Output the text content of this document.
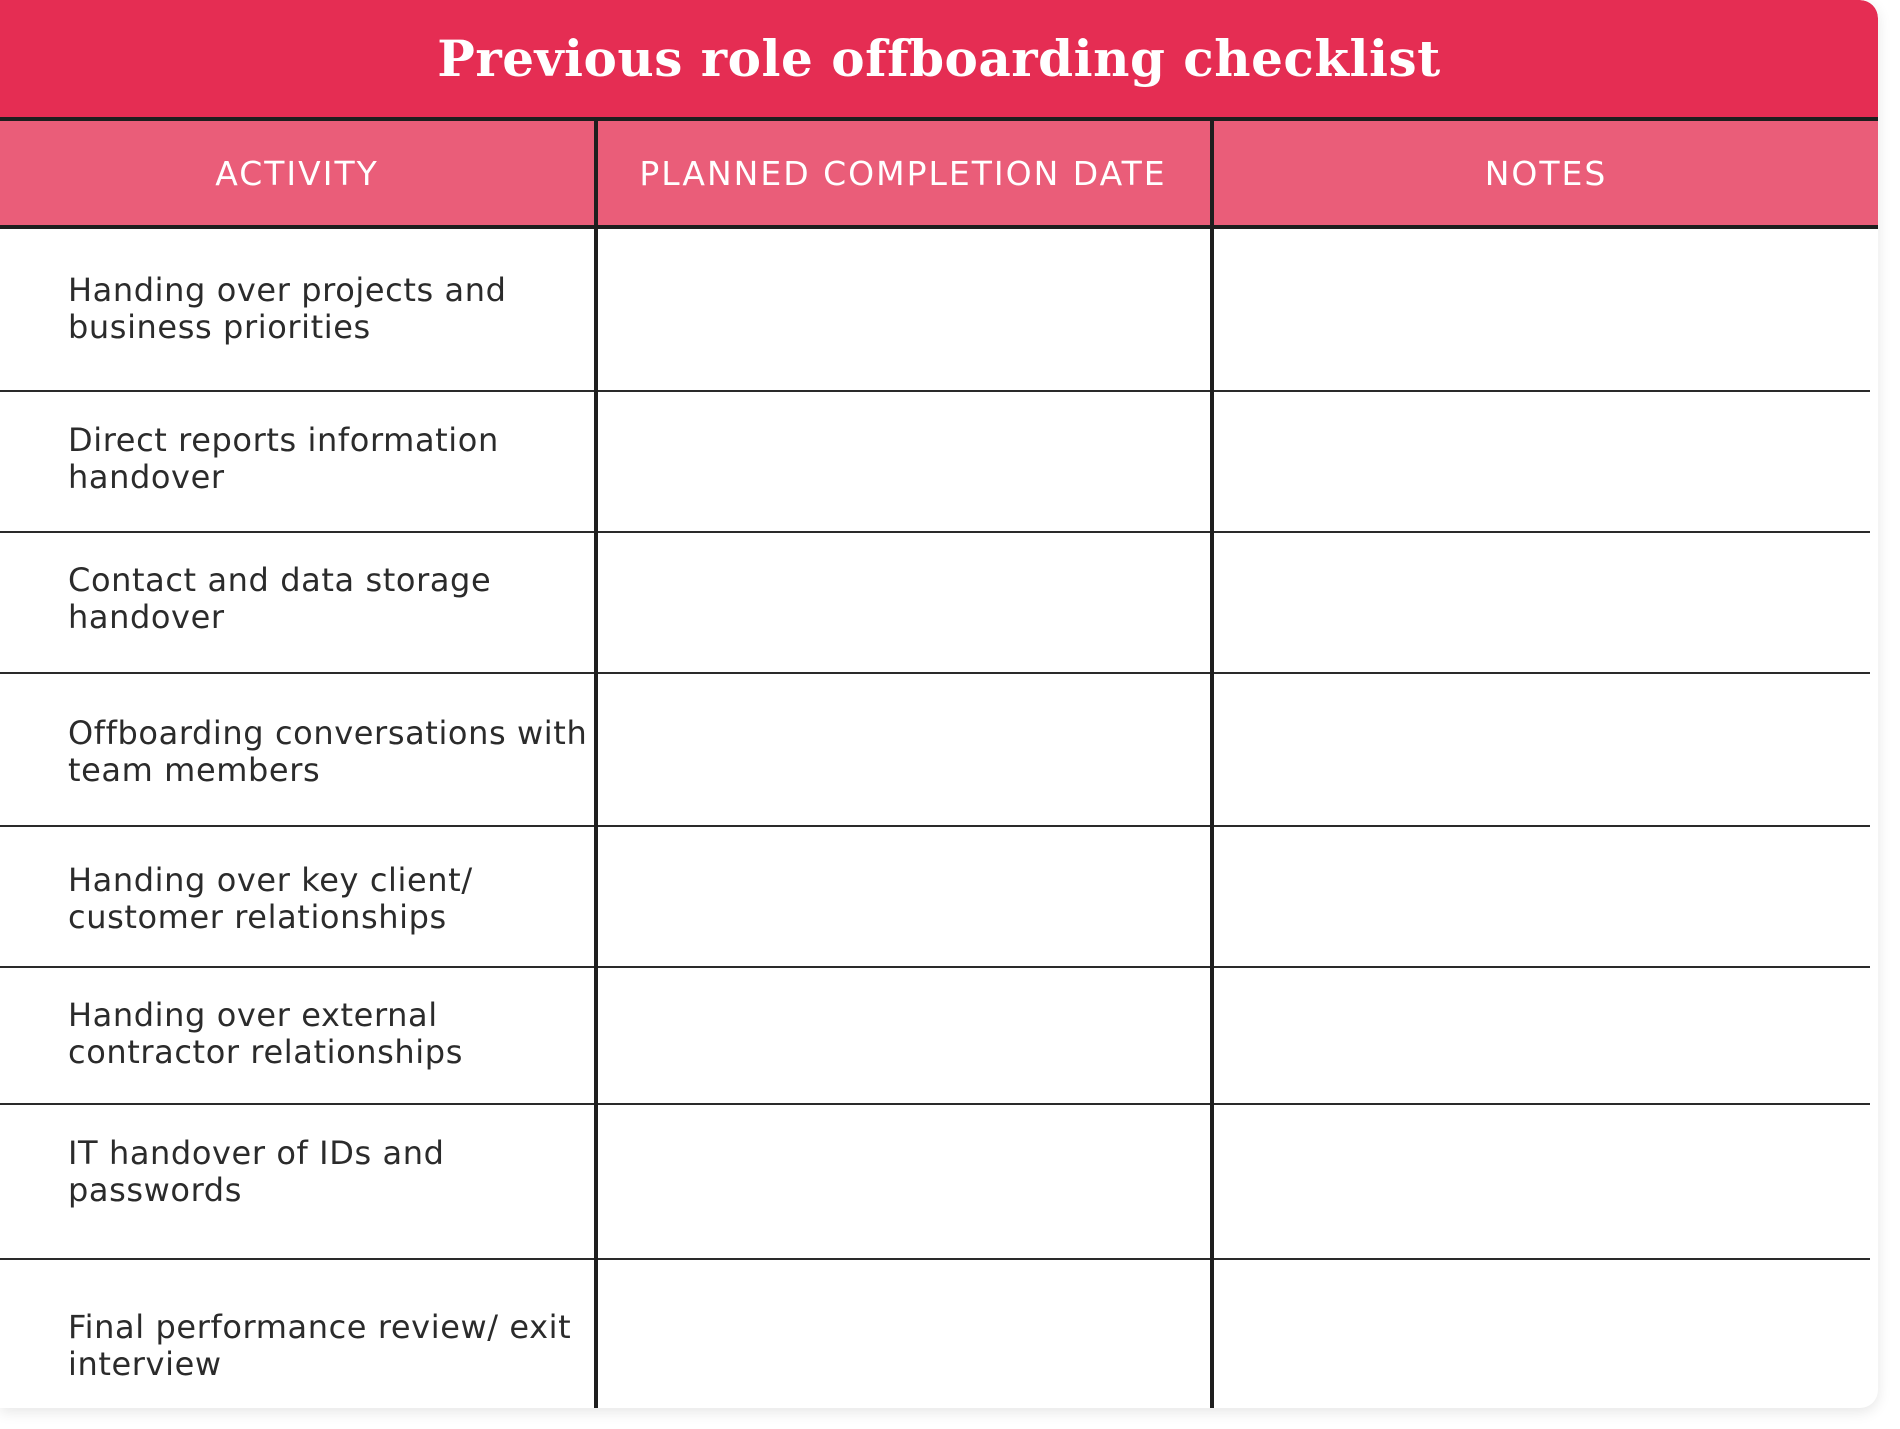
Previous role offboarding checklist
ACTIVITY	PLANNED COMPLETION DATE	NOTES
Handing over projects and business priorities
Direct reports information handover
Contact and data storage handover
Offboarding conversations with team members
Handing over key client/ customer relationships
Handing over external contractor relationships
IT handover of IDs and passwords
Final performance review/ exit interview
